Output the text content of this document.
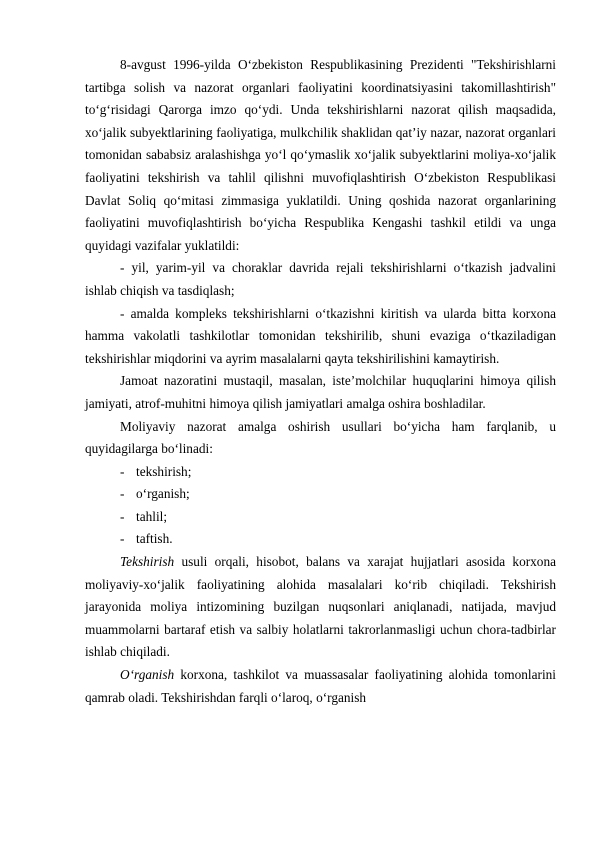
8-avgust 1996-yilda O‘zbekiston Respublikasining Prezidenti "Tekshirishlarni tartibga solish va nazorat organlari faoliyatini koordinatsiyasini takomillashtirish" to‘g‘risidagi Qarorga imzo qo‘ydi. Unda tekshirishlarni nazorat qilish maqsadida, xo‘jalik subyektlarining faoliyatiga, mulkchilik shaklidan qat’iy nazar, nazorat organlari tomonidan sababsiz aralashishga yo‘l qo‘ymaslik xo‘jalik subyektlarini moliya-xo‘jalik faoliyatini tekshirish va tahlil qilishni muvofiqlashtirish O‘zbekiston Respublikasi Davlat Soliq qo‘mitasi zimmasiga yuklatildi. Uning qoshida nazorat organlarining faoliyatini muvofiqlashtirish bo‘yicha Respublika Kengashi tashkil etildi va unga quyidagi vazifalar yuklatildi:

- yil, yarim-yil va choraklar davrida rejali tekshirishlarni o‘tkazish jadvalini ishlab chiqish va tasdiqlash;

- amalda kompleks tekshirishlarni o‘tkazishni kiritish va ularda bitta korxona hamma vakolatli tashkilotlar tomonidan tekshirilib, shuni evaziga o‘tkaziladigan tekshirishlar miqdorini va ayrim masalalarni qayta tekshirilishini kamaytirish.

Jamoat nazoratini mustaqil, masalan, iste’molchilar huquqlarini himoya qilish jamiyati, atrof-muhitni himoya qilish jamiyatlari amalga oshira boshladilar.

Moliyaviy nazorat amalga oshirish usullari bo‘yicha ham farqlanib, u quyidagilarga bo‘linadi:

- tekshirish;
- o‘rganish;
- tahlil;
- taftish.

Tekshirish usuli orqali, hisobot, balans va xarajat hujjatlari asosida korxona moliyaviy-xo‘jalik faoliyatining alohida masalalari ko‘rib chiqiladi. Tekshirish jarayonida moliya intizomining buzilgan nuqsonlari aniqlanadi, natijada, mavjud muammolarni bartaraf etish va salbiy holatlarni takrorlanmasligi uchun chora-tadbirlar ishlab chiqiladi.

O‘rganish korxona, tashkilot va muassasalar faoliyatining alohida tomonlarini qamrab oladi. Tekshirishdan farqli o‘laroq, o‘rganish
